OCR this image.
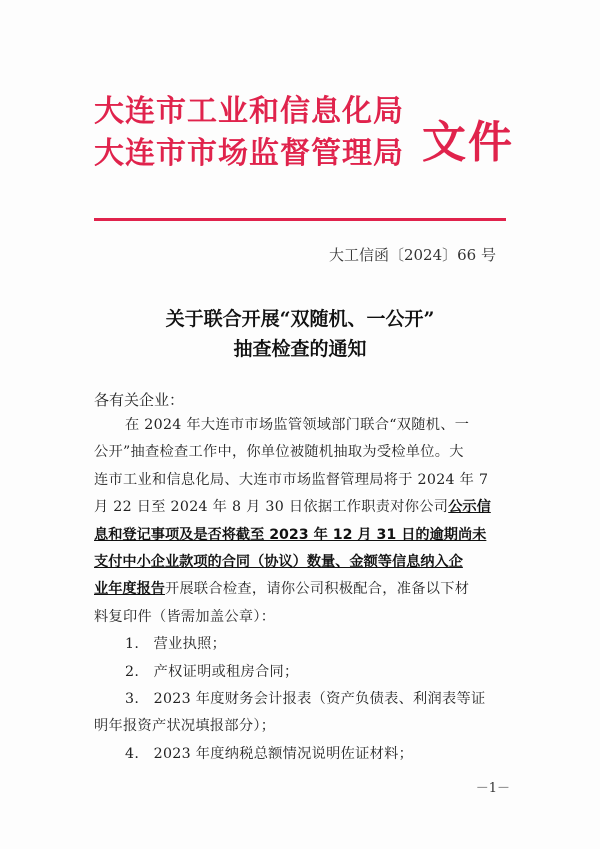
大连市工业和信息化局
大连市市场监督管理局 文件
大工信函〔2024〕66 号
关于联合开展“双随机、一公开”
抽查检查的通知
各有关企业：
在 2024 年大连市市场监管领域部门联合“双随机、一
公开”抽查检查工作中，你单位被随机抽取为受检单位。大
连市工业和信息化局、大连市市场监督管理局将于 2024 年 7
月 22 日至 2024 年 8 月 30 日依据工作职责对你公司公示信
息和登记事项及是否将截至 2023 年 12 月 31 日的逾期尚未
支付中小企业款项的合同（协议）数量、金额等信息纳入企
业年度报告开展联合检查，请你公司积极配合，准备以下材
料复印件（皆需加盖公章）：
1.　营业执照；
2.　产权证明或租房合同；
3.　2023 年度财务会计报表（资产负债表、利润表等证
明年报资产状况填报部分）；
4.　2023 年度纳税总额情况说明佐证材料；
－1－
